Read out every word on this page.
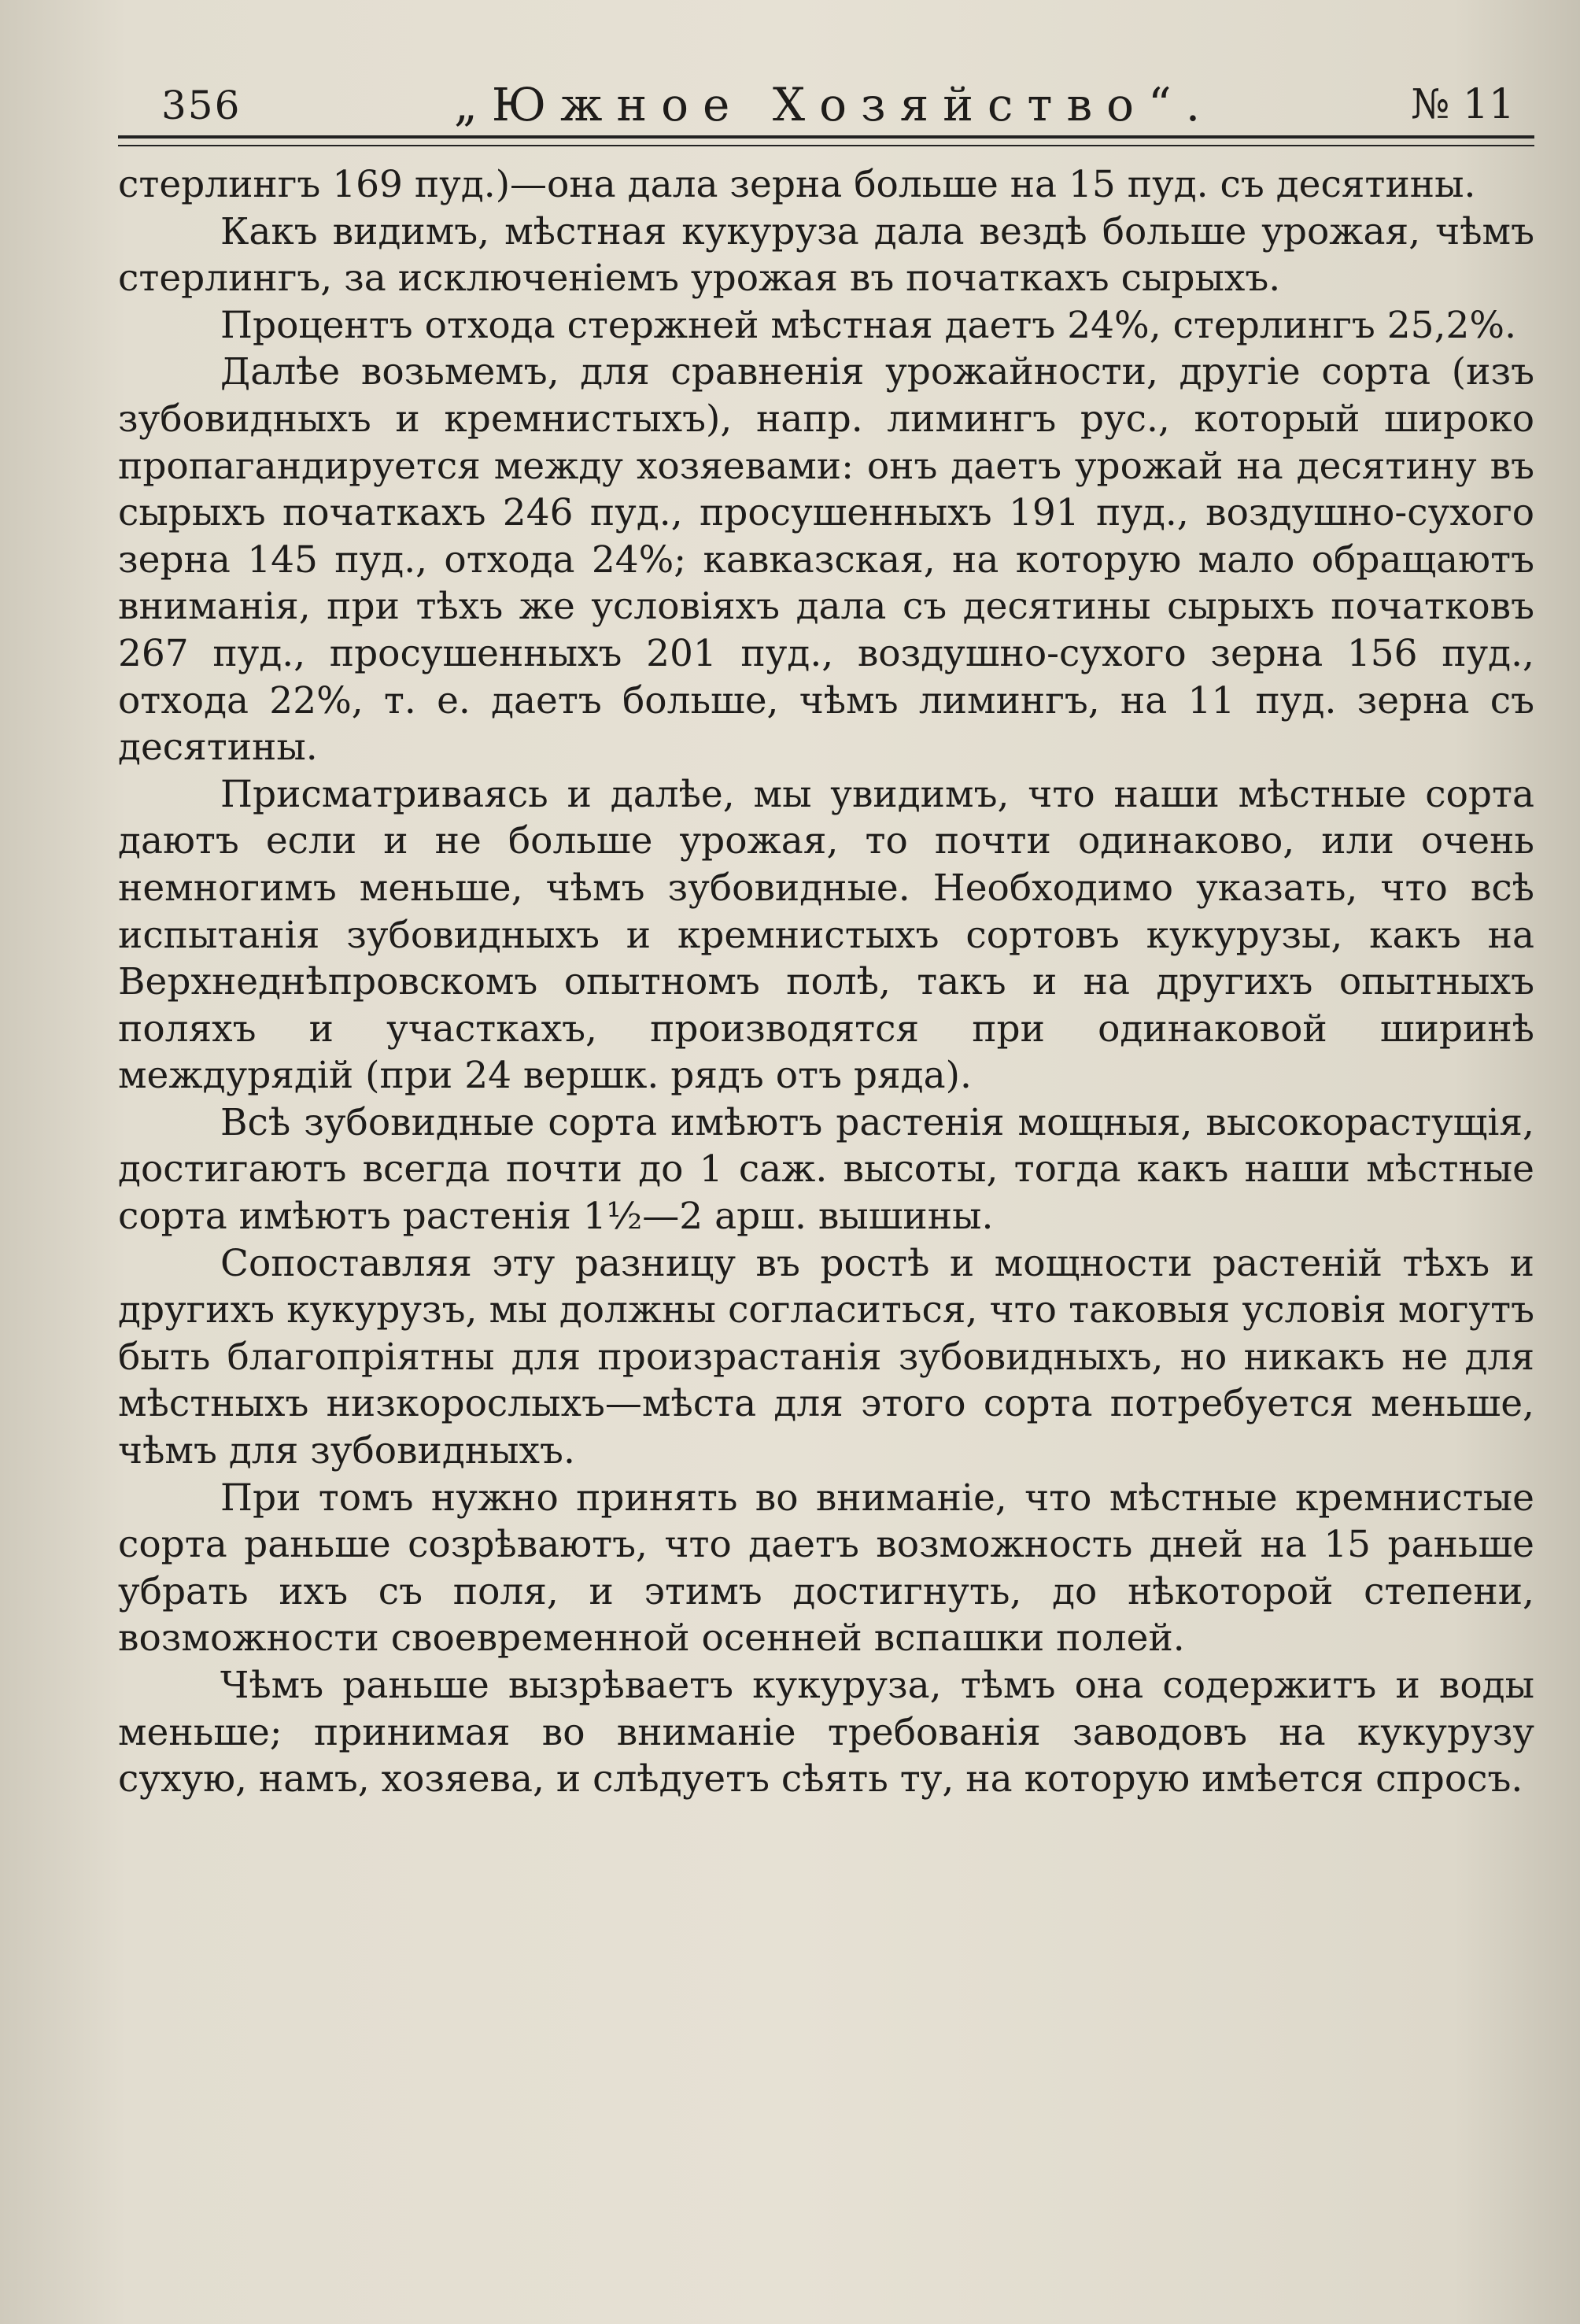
356	„Южное Хозяйство“.	№ 11

стерлингъ 169 пуд.)—она дала зерна больше на 15 пуд. съ десятины.

Какъ видимъ, мѣстная кукуруза дала вездѣ больше урожая, чѣмъ стерлингъ, за исключеніемъ урожая въ початкахъ сырыхъ.

Процентъ отхода стержней мѣстная даетъ 24%, стерлингъ 25,2%.

Далѣе возьмемъ, для сравненія урожайности, другіе сорта (изъ зубовидныхъ и кремнистыхъ), напр. лимингъ рус., который широко пропагандируется между хозяевами: онъ даетъ урожай на десятину въ сырыхъ початкахъ 246 пуд., просушенныхъ 191 пуд., воздушно-сухого зерна 145 пуд., отхода 24%; кавказская, на которую мало обращаютъ вниманія, при тѣхъ же условіяхъ дала съ десятины сырыхъ початковъ 267 пуд., просушенныхъ 201 пуд., воздушно-сухого зерна 156 пуд., отхода 22%, т. е. даетъ больше, чѣмъ лимингъ, на 11 пуд. зерна съ десятины.

Присматриваясь и далѣе, мы увидимъ, что наши мѣстные сорта даютъ если и не больше урожая, то почти одинаково, или очень немногимъ меньше, чѣмъ зубовидные. Необходимо указать, что всѣ испытанія зубовидныхъ и кремнистыхъ сортовъ кукурузы, какъ на Верхнеднѣпровскомъ опытномъ полѣ, такъ и на другихъ опытныхъ поляхъ и участкахъ, производятся при одинаковой ширинѣ междурядій (при 24 вершк. рядъ отъ ряда).

Всѣ зубовидные сорта имѣютъ растенія мощныя, высокорастущія, достигаютъ всегда почти до 1 саж. высоты, тогда какъ наши мѣстные сорта имѣютъ растенія 1½—2 арш. вышины.

Сопоставляя эту разницу въ ростѣ и мощности растеній тѣхъ и другихъ кукурузъ, мы должны согласиться, что таковыя условія могутъ быть благопріятны для произрастанія зубовидныхъ, но никакъ не для мѣстныхъ низкорослыхъ—мѣста для этого сорта потребуется меньше, чѣмъ для зубовидныхъ.

При томъ нужно принять во вниманіе, что мѣстные кремнистые сорта раньше созрѣваютъ, что даетъ возможность дней на 15 раньше убрать ихъ съ поля, и этимъ достигнуть, до нѣкоторой степени, возможности своевременной осенней вспашки полей.

Чѣмъ раньше вызрѣваетъ кукуруза, тѣмъ она содержитъ и воды меньше; принимая во вниманіе требованія заводовъ на кукурузу сухую, намъ, хозяева, и слѣдуетъ сѣять ту, на которую имѣется спросъ.
